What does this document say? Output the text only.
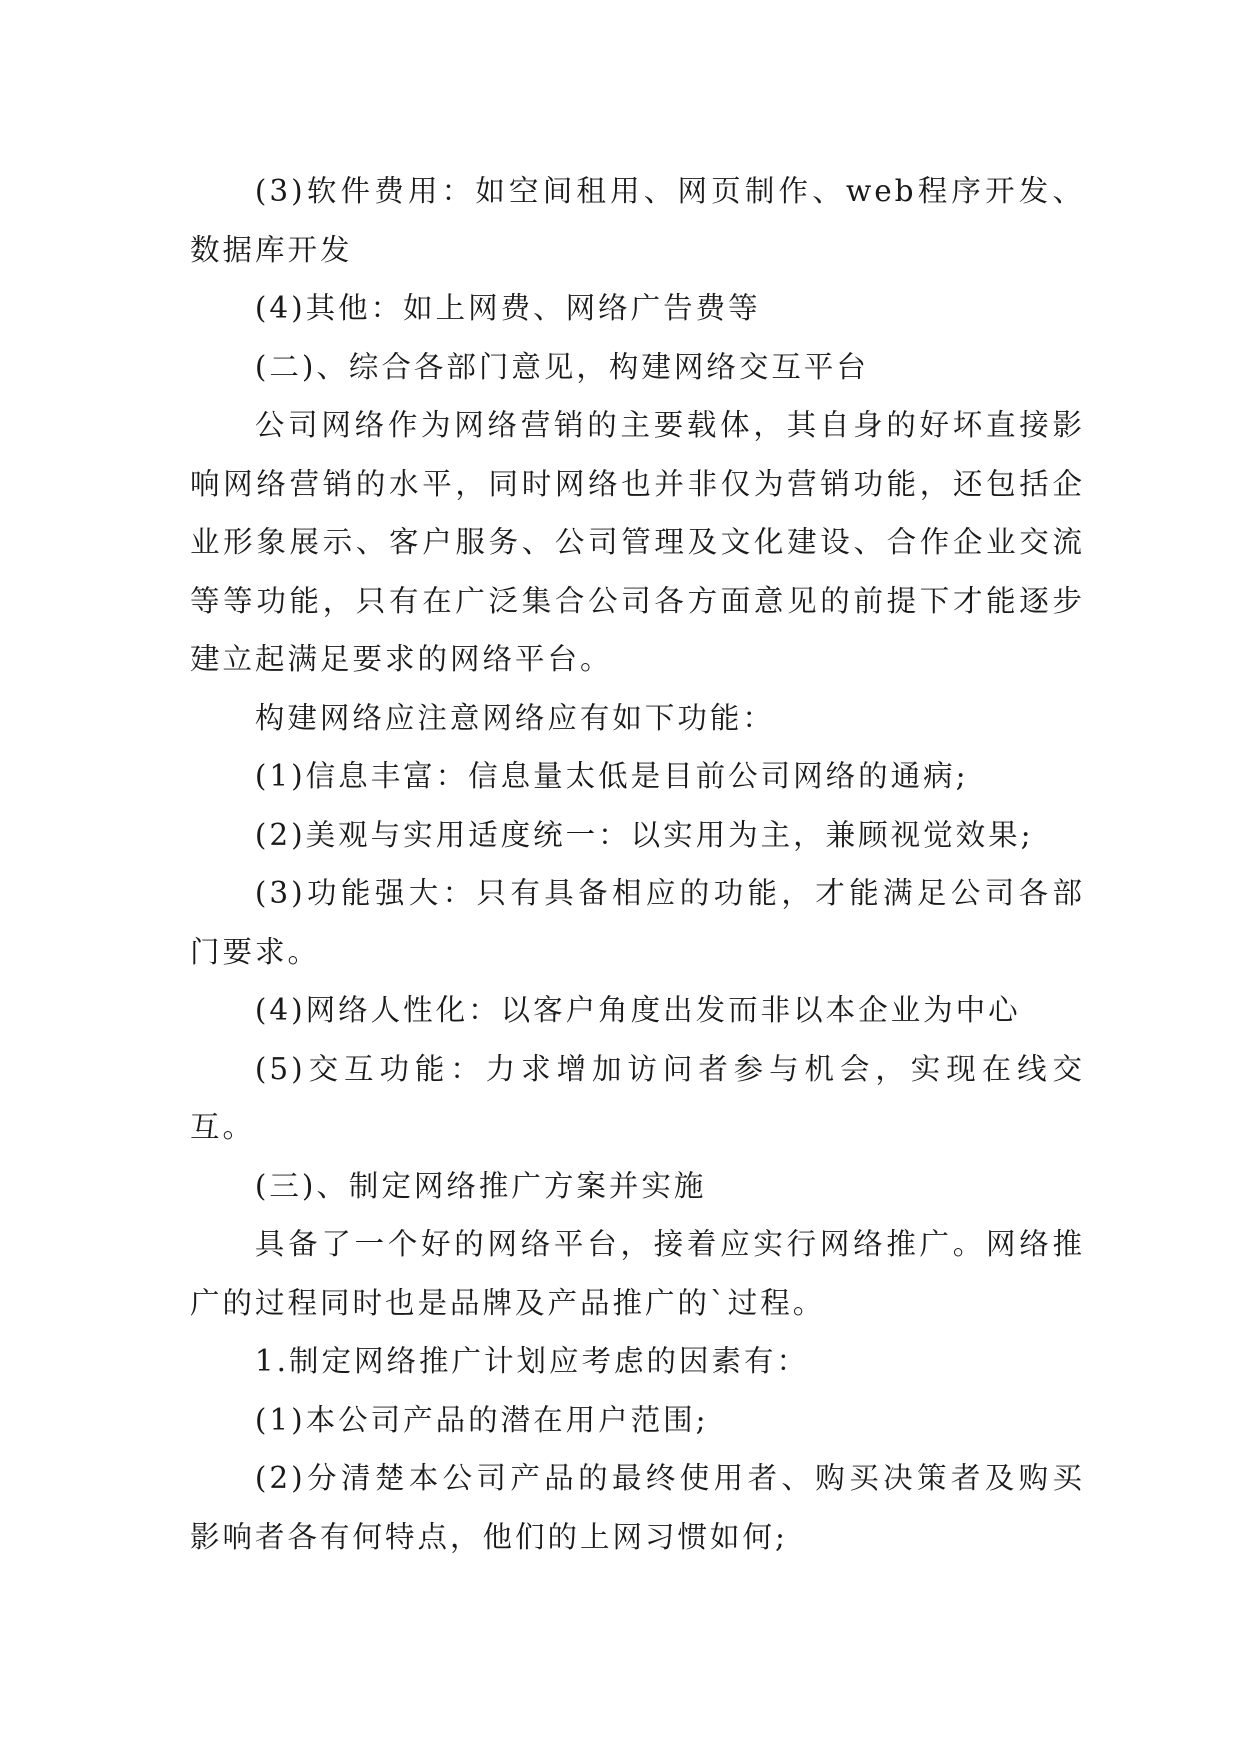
(3)软件费用：如空间租用、网页制作、web程序开发、数据库开发

(4)其他：如上网费、网络广告费等

(二)、综合各部门意见，构建网络交互平台

公司网络作为网络营销的主要载体，其自身的好坏直接影响网络营销的水平，同时网络也并非仅为营销功能，还包括企业形象展示、客户服务、公司管理及文化建设、合作企业交流等等功能，只有在广泛集合公司各方面意见的前提下才能逐步建立起满足要求的网络平台。

构建网络应注意网络应有如下功能：

(1)信息丰富：信息量太低是目前公司网络的通病;

(2)美观与实用适度统一：以实用为主，兼顾视觉效果;

(3)功能强大：只有具备相应的功能，才能满足公司各部门要求。

(4)网络人性化：以客户角度出发而非以本企业为中心

(5)交互功能：力求增加访问者参与机会，实现在线交互。

(三)、制定网络推广方案并实施

具备了一个好的网络平台，接着应实行网络推广。网络推广的过程同时也是品牌及产品推广的`过程。

1.制定网络推广计划应考虑的因素有：

(1)本公司产品的潜在用户范围;

(2)分清楚本公司产品的最终使用者、购买决策者及购买影响者各有何特点，他们的上网习惯如何;
